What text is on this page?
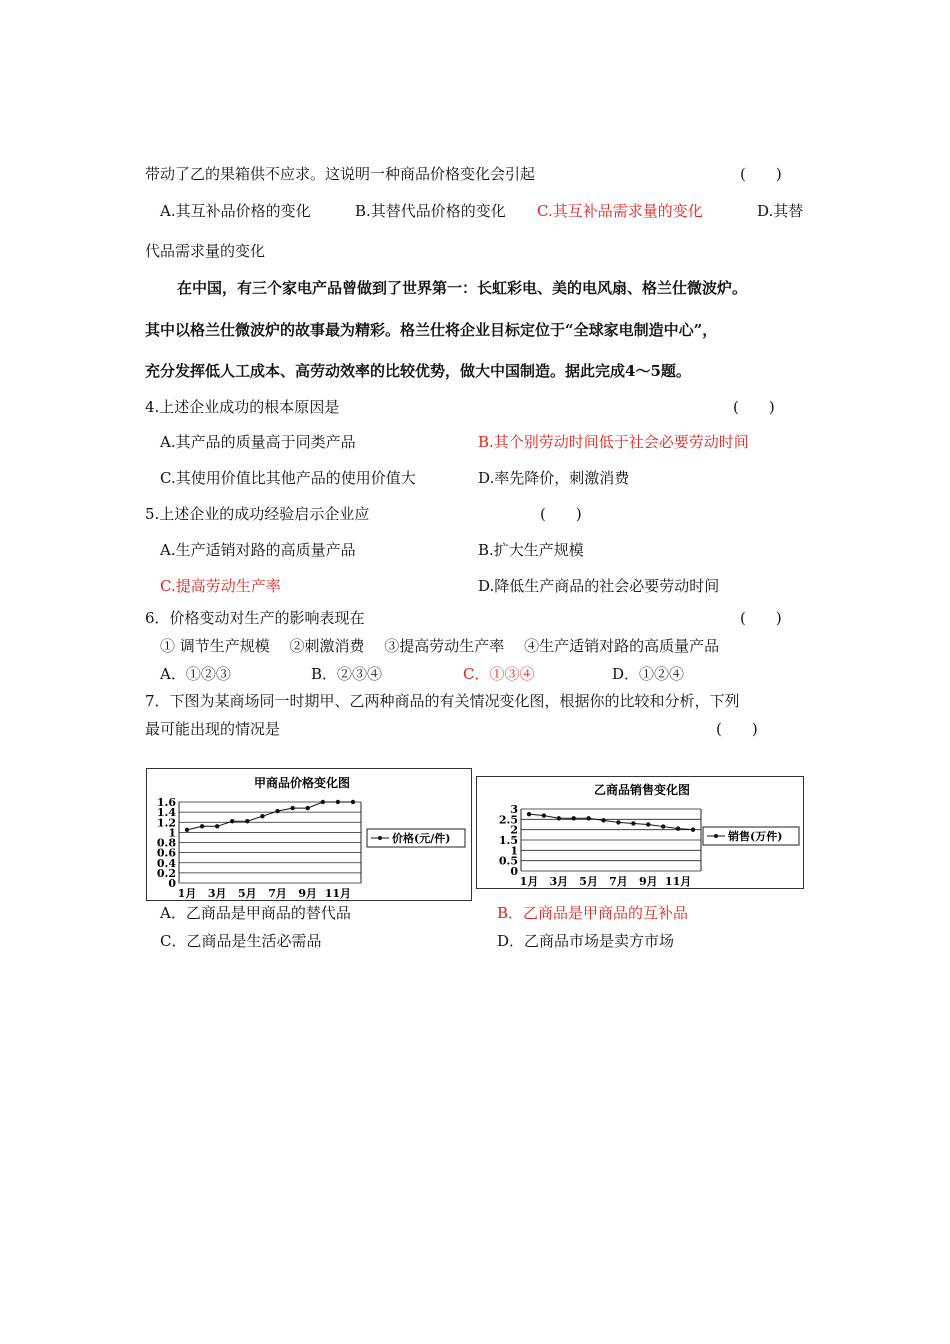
带动了乙的果箱供不应求。这说明一种商品价格变化会引起	(　　)
A.其互补品价格的变化	B.其替代品价格的变化 C.其互补品需求量的变化	D.其替
代品需求量的变化
在中国，有三个家电产品曾做到了世界第一：长虹彩电、美的电风扇、格兰仕微波炉。
其中以格兰仕微波炉的故事最为精彩。格兰仕将企业目标定位于“全球家电制造中心”，
充分发挥低人工成本、高劳动效率的比较优势，做大中国制造。据此完成4～5题。
4.上述企业成功的根本原因是	(　　)
A.其产品的质量高于同类产品	B.其个别劳动时间低于社会必要劳动时间
C.其使用价值比其他产品的使用价值大	D.率先降价，刺激消费
5.上述企业的成功经验启示企业应	(　　)
A.生产适销对路的高质量产品	B.扩大生产规模
C.提高劳动生产率	D.降低生产商品的社会必要劳动时间
6．价格变动对生产的影响表现在	(　　)
① 调节生产规模　 ②刺激消费　 ③提高劳动生产率　 ④生产适销对路的高质量产品
A．①②③	B．②③④	C．①③④	D．①②④
7．下图为某商场同一时期甲、乙两种商品的有关情况变化图，根据你的比较和分析，下列
最可能出现的情况是	(　　)
甲商品价格变化图
0
0.2
0.4
0.6
0.8
1
1.2
1.4
1.6
1月 3月 5月 7月 9月 11月
价格(元/件)
乙商品销售变化图
0
0.5
1
1.5
2
2.5
3
1月 3月 5月 7月 9月 11月
销售(万件)
A．乙商品是甲商品的替代品	B．乙商品是甲商品的互补品
C．乙商品是生活必需品	D．乙商品市场是卖方市场
